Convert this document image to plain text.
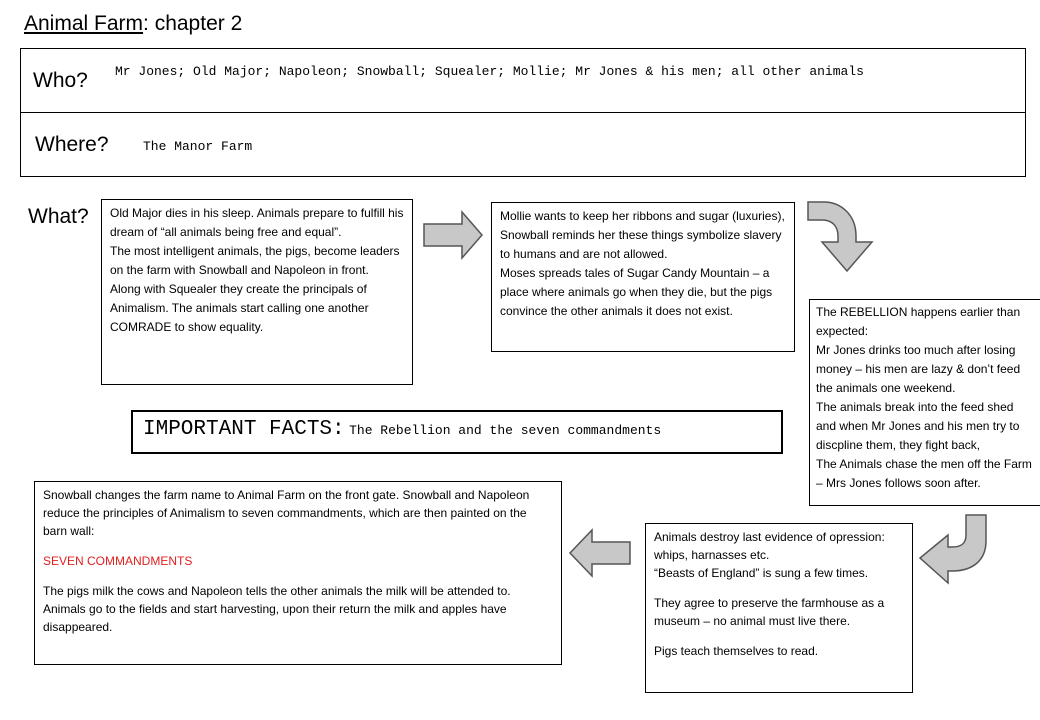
Animal Farm: chapter 2
Who? Mr Jones; Old Major; Napoleon; Snowball; Squealer; Mollie; Mr Jones & his men; all other animals
Where?	The Manor Farm
What? Old Major dies in his sleep. Animals prepare to fulfill his dream of “all animals being free and equal”.

The most intelligent animals, the pigs, become leaders on the farm with Snowball and Napoleon in front.

Along with Squealer they create the principals of Animalism. The animals start calling one another COMRADE to show equality.

Mollie wants to keep her ribbons and sugar (luxuries), Snowball reminds her these things symbolize slavery to humans and are not allowed.

Moses spreads tales of Sugar Candy Mountain – a place where animals go when they die, but the pigs convince the other animals it does not exist.	The REBELLION happens earlier than expected:

Mr Jones drinks too much after losing money – his men are lazy & don’t feed the animals one weekend.

The animals break into the feed shed and when Mr Jones and his men try to discpline them, they fight back,

The Animals chase the men off the Farm – Mrs Jones follows soon after.

IMPORTANT FACTS: The Rebellion and the seven commandments

Animals destroy last evidence of opression: whips, harnasses etc.

“Beasts of England” is sung a few times.

They agree to preserve the farmhouse as a museum – no animal must live there.

Pigs teach themselves to read.

Snowball changes the farm name to Animal Farm on the front gate. Snowball and Napoleon reduce the principles of Animalism to seven commandments, which are then painted on the barn wall:

SEVEN COMMANDMENTS

The pigs milk the cows and Napoleon tells the other animals the milk will be attended to. Animals go to the fields and start harvesting, upon their return the milk and apples have disappeared.
